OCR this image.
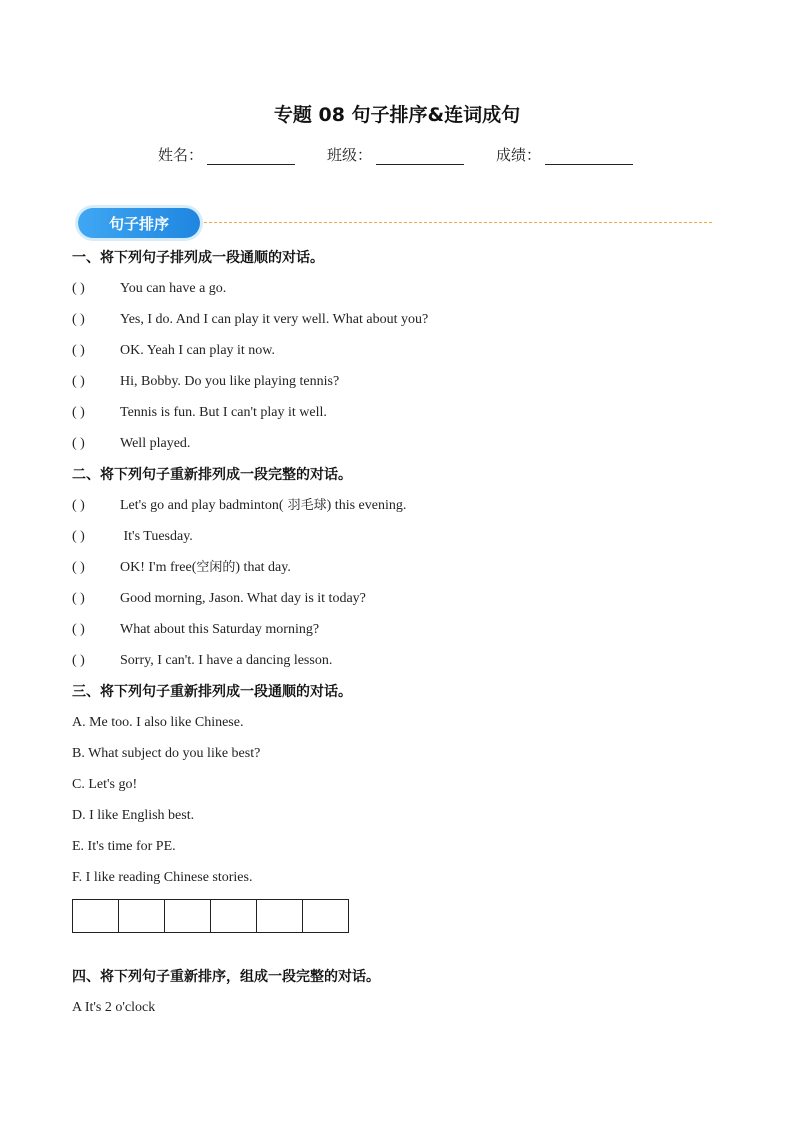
专题 08 句子排序&连词成句
姓名：	班级：	成绩：
句子排序
一、将下列句子排列成一段通顺的对话。
( )	You can have a go.
( )	Yes, I do. And I can play it very well. What about you?
( )	OK. Yeah I can play it now.
( )	Hi, Bobby. Do you like playing tennis?
( )	Tennis is fun. But I can't play it well.
( )	Well played.
二、将下列句子重新排列成一段完整的对话。
( )	Let's go and play badminton( 羽毛球) this evening.
( )	It's Tuesday.
( )	OK! I'm free(空闲的) that day.
( )	Good morning, Jason. What day is it today?
( )	What about this Saturday morning?
( )	Sorry, I can't. I have a dancing lesson.
三、将下列句子重新排列成一段通顺的对话。
A. Me too. I also like Chinese.
B. What subject do you like best?
C. Let's go!
D. I like English best.
E. It's time for PE.
F. I like reading Chinese stories.
四、将下列句子重新排序，组成一段完整的对话。
A It's 2 o'clock
